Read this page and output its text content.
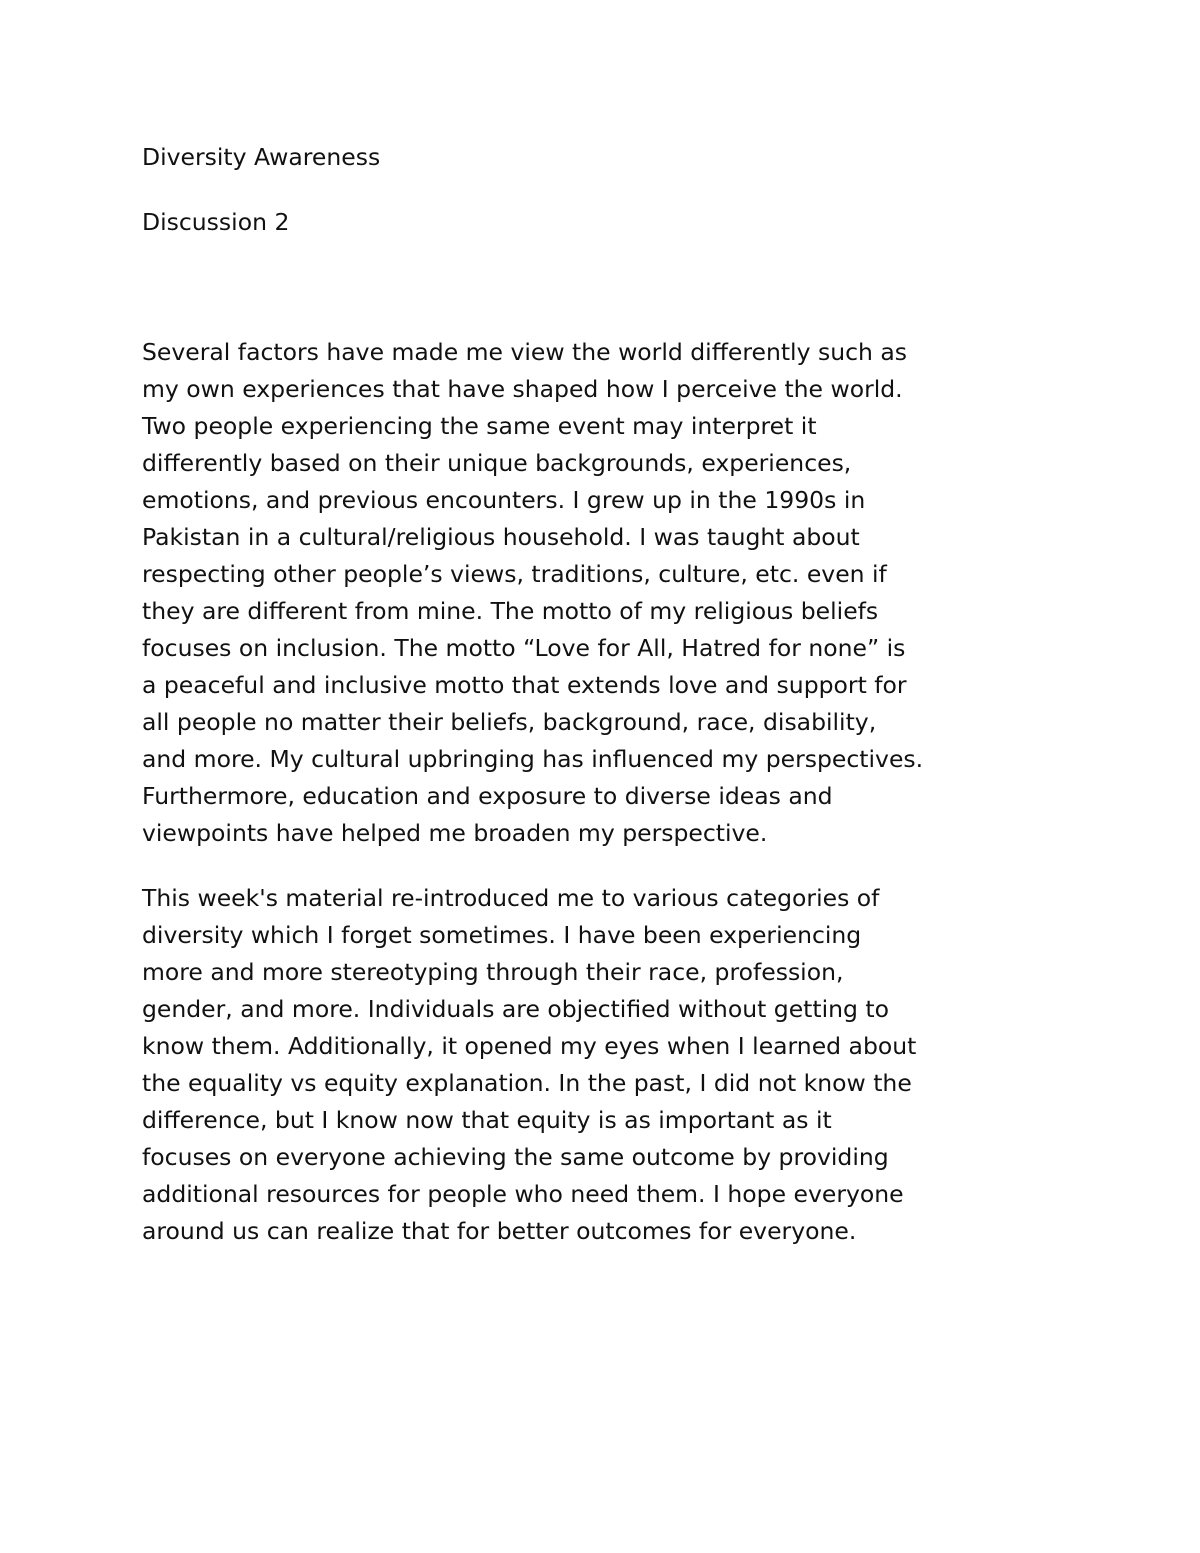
Diversity Awareness

Discussion 2

Several factors have made me view the world differently such as
my own experiences that have shaped how I perceive the world.
Two people experiencing the same event may interpret it
differently based on their unique backgrounds, experiences,
emotions, and previous encounters. I grew up in the 1990s in
Pakistan in a cultural/religious household. I was taught about
respecting other people’s views, traditions, culture, etc. even if
they are different from mine. The motto of my religious beliefs
focuses on inclusion. The motto “Love for All, Hatred for none” is
a peaceful and inclusive motto that extends love and support for
all people no matter their beliefs, background, race, disability,
and more. My cultural upbringing has influenced my perspectives.
Furthermore, education and exposure to diverse ideas and
viewpoints have helped me broaden my perspective.
This week's material re-introduced me to various categories of
diversity which I forget sometimes. I have been experiencing
more and more stereotyping through their race, profession,
gender, and more. Individuals are objectified without getting to
know them. Additionally, it opened my eyes when I learned about
the equality vs equity explanation. In the past, I did not know the
difference, but I know now that equity is as important as it
focuses on everyone achieving the same outcome by providing
additional resources for people who need them. I hope everyone
around us can realize that for better outcomes for everyone.
